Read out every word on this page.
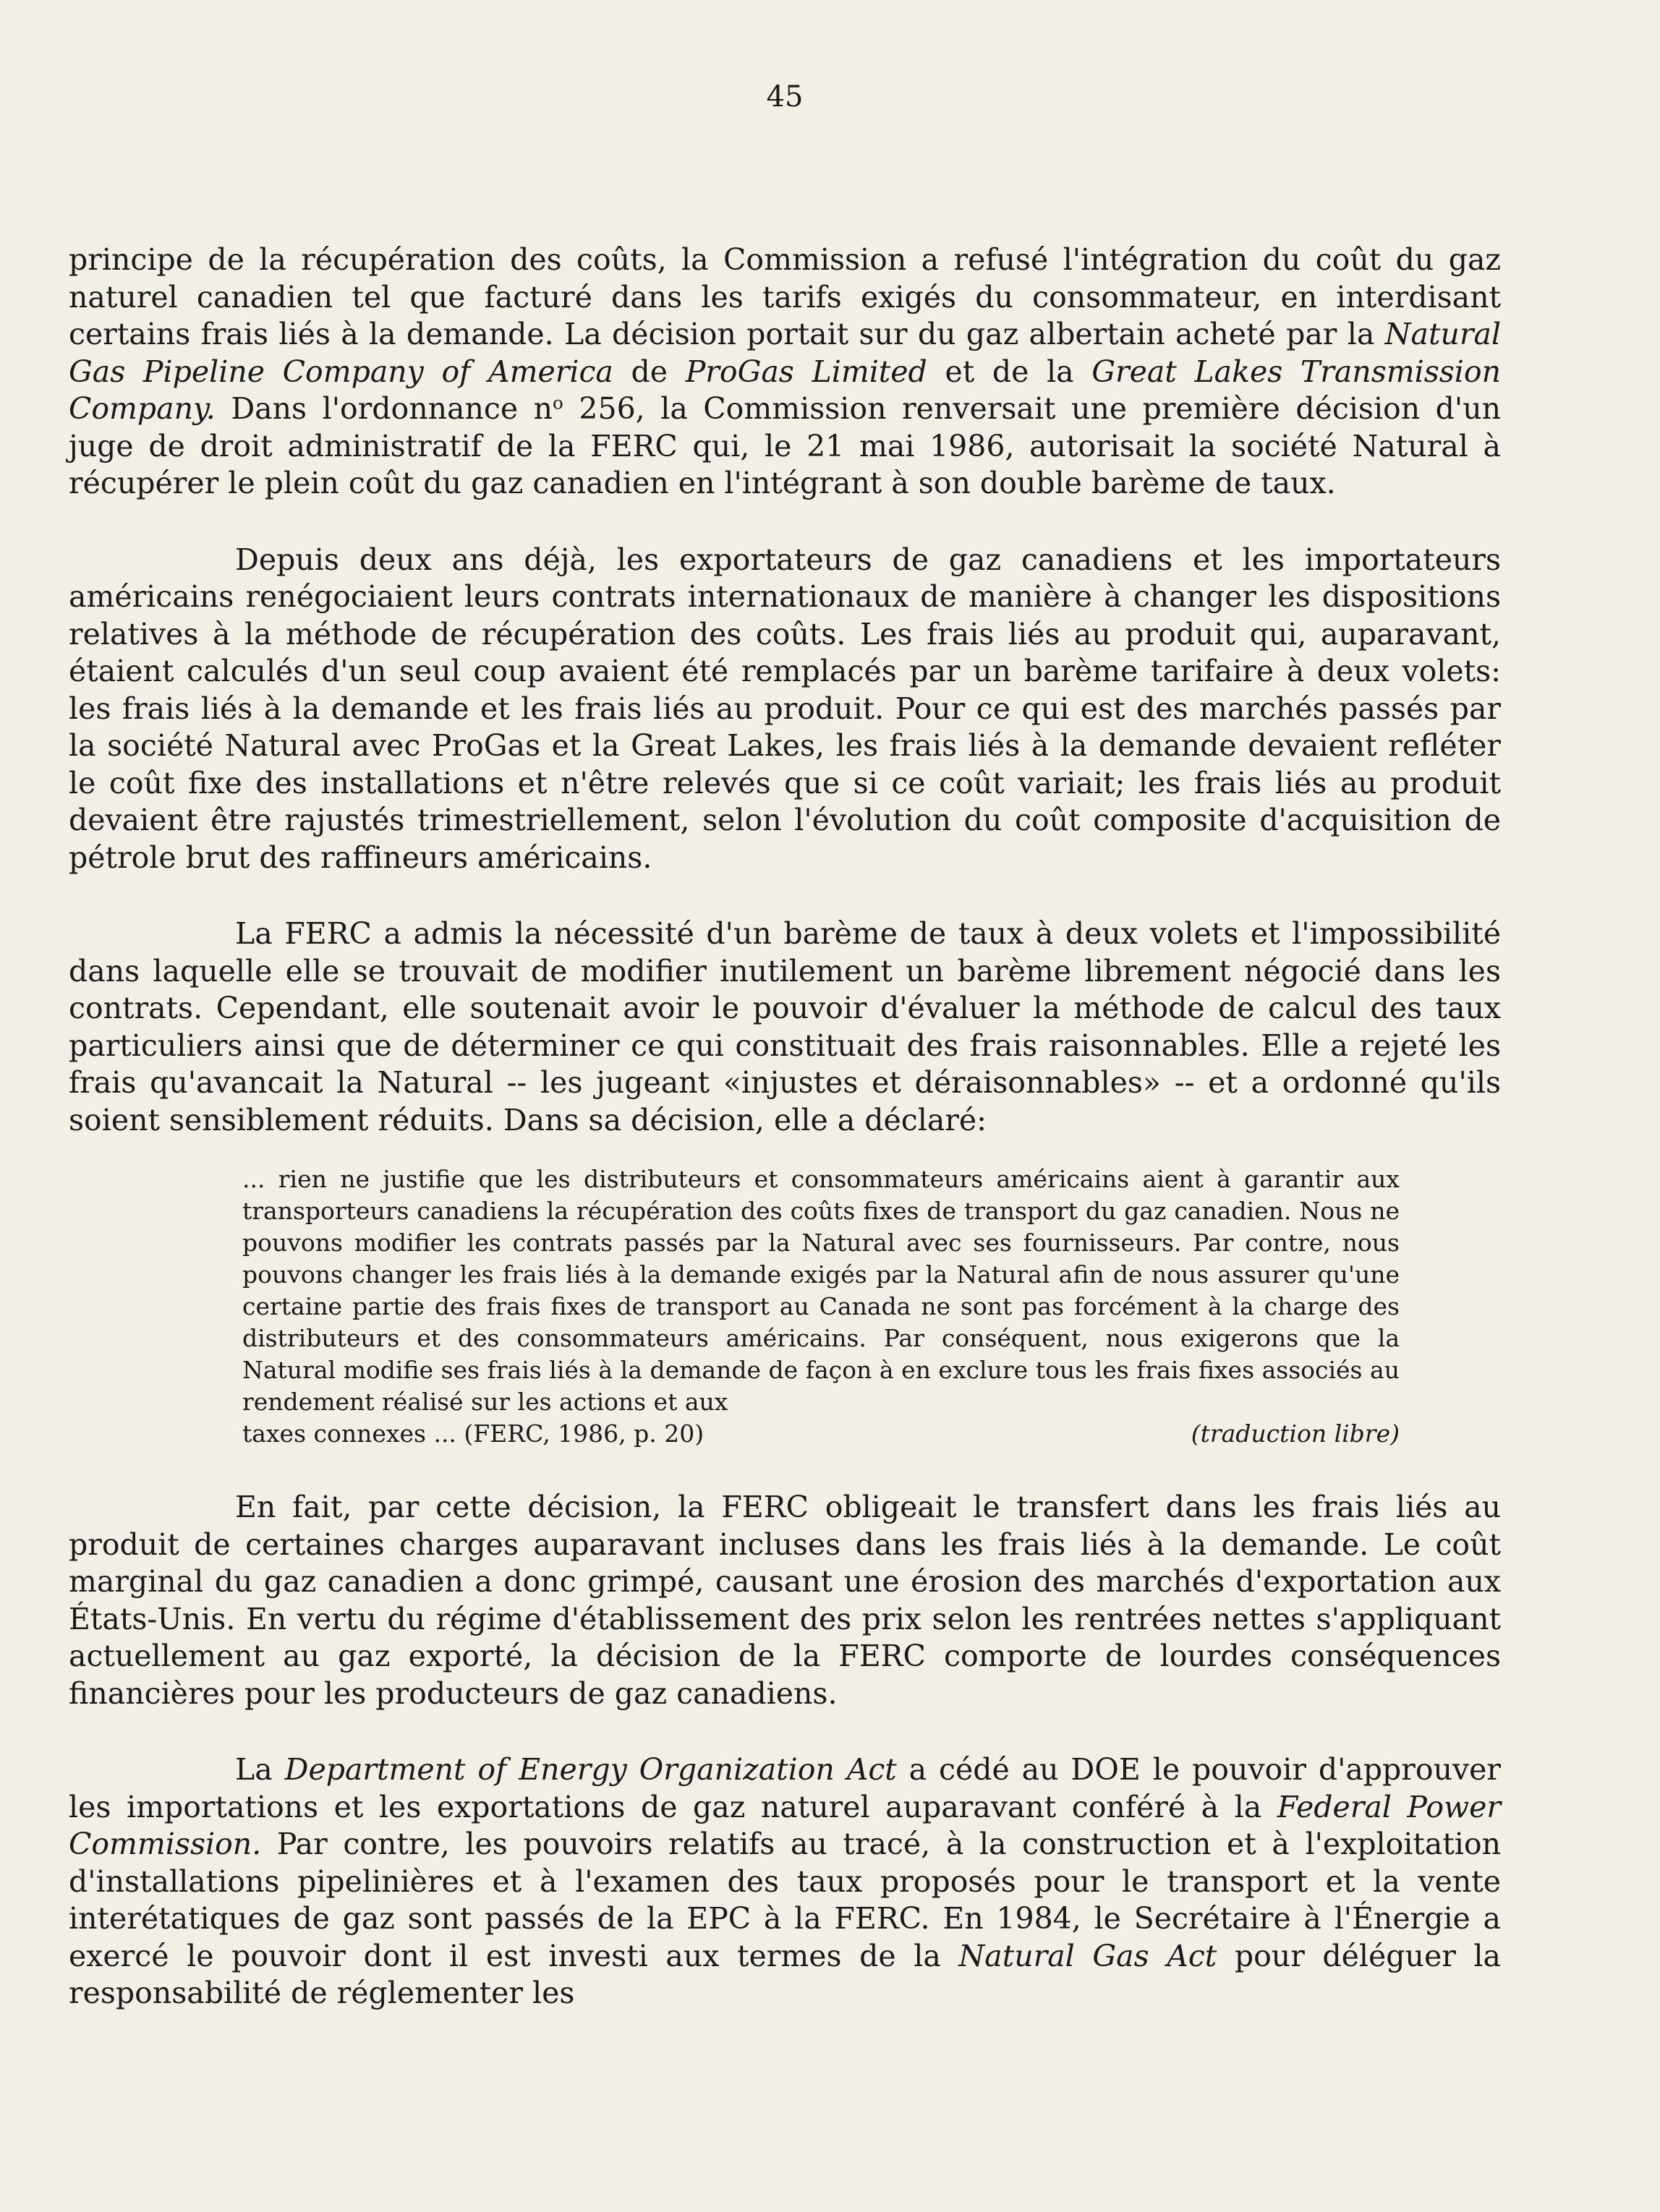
45

principe de la récupération des coûts, la Commission a refusé l'intégration du coût du gaz naturel canadien tel que facturé dans les tarifs exigés du consommateur, en interdisant certains frais liés à la demande. La décision portait sur du gaz albertain acheté par la Natural Gas Pipeline Company of America de ProGas Limited et de la Great Lakes Transmission Company. Dans l'ordonnance $n^o$ 256, la Commission renversait une première décision d'un juge de droit administratif de la FERC qui, le 21 mai 1986, autorisait la société Natural à récupérer le plein coût du gaz canadien en l'intégrant à son double barème de taux.

Depuis deux ans déjà, les exportateurs de gaz canadiens et les importateurs américains renégociaient leurs contrats internationaux de manière à changer les dispositions relatives à la méthode de récupération des coûts. Les frais liés au produit qui, auparavant, étaient calculés d'un seul coup avaient été remplacés par un barème tarifaire à deux volets: les frais liés à la demande et les frais liés au produit. Pour ce qui est des marchés passés par la société Natural avec ProGas et la Great Lakes, les frais liés à la demande devaient refléter le coût fixe des installations et n'être relevés que si ce coût variait; les frais liés au produit devaient être rajustés trimestriellement, selon l'évolution du coût composite d'acquisition de pétrole brut des raffineurs américains.

La FERC a admis la nécessité d'un barème de taux à deux volets et l'impossibilité dans laquelle elle se trouvait de modifier inutilement un barème librement négocié dans les contrats. Cependant, elle soutenait avoir le pouvoir d'évaluer la méthode de calcul des taux particuliers ainsi que de déterminer ce qui constituait des frais raisonnables. Elle a rejeté les frais qu'avancait la Natural -- les jugeant «injustes et déraisonnables» -- et a ordonné qu'ils soient sensiblement réduits. Dans sa décision, elle a déclaré:

... rien ne justifie que les distributeurs et consommateurs américains aient à garantir aux transporteurs canadiens la récupération des coûts fixes de transport du gaz canadien. Nous ne pouvons modifier les contrats passés par la Natural avec ses fournisseurs. Par contre, nous pouvons changer les frais liés à la demande exigés par la Natural afin de nous assurer qu'une certaine partie des frais fixes de transport au Canada ne sont pas forcément à la charge des distributeurs et des consommateurs américains. Par conséquent, nous exigerons que la Natural modifie ses frais liés à la demande de façon à en exclure tous les frais fixes associés au rendement réalisé sur les actions et aux
taxes connexes ... (FERC, 1986, p. 20)	(traduction libre)

En fait, par cette décision, la FERC obligeait le transfert dans les frais liés au produit de certaines charges auparavant incluses dans les frais liés à la demande. Le coût marginal du gaz canadien a donc grimpé, causant une érosion des marchés d'exportation aux États-Unis. En vertu du régime d'établissement des prix selon les rentrées nettes s'appliquant actuellement au gaz exporté, la décision de la FERC comporte de lourdes conséquences financières pour les producteurs de gaz canadiens.

La Department of Energy Organization Act a cédé au DOE le pouvoir d'approuver les importations et les exportations de gaz naturel auparavant conféré à la Federal Power Commission. Par contre, les pouvoirs relatifs au tracé, à la construction et à l'exploitation d'installations pipelinières et à l'examen des taux proposés pour le transport et la vente interétatiques de gaz sont passés de la EPC à la FERC. En 1984, le Secrétaire à l'Énergie a exercé le pouvoir dont il est investi aux termes de la Natural Gas Act pour déléguer la responsabilité de réglementer les
